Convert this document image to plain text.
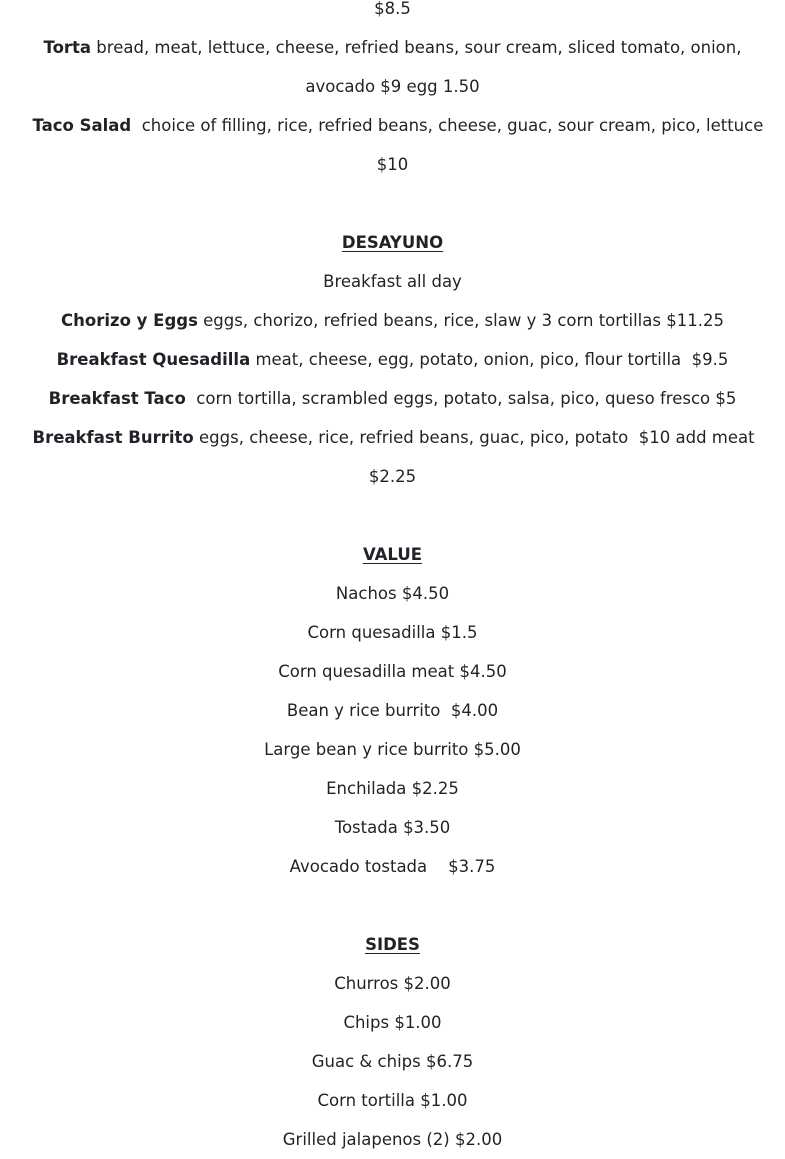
$8.5
Torta bread, meat, lettuce, cheese, refried beans, sour cream, sliced tomato, onion,
avocado $9 egg 1.50
Taco Salad  choice of filling, rice, refried beans, cheese, guac, sour cream, pico, lettuce
$10
DESAYUNO
Breakfast all day
Chorizo y Eggs eggs, chorizo, refried beans, rice, slaw y 3 corn tortillas $11.25
Breakfast Quesadilla meat, cheese, egg, potato, onion, pico, flour tortilla  $9.5
Breakfast Taco  corn tortilla, scrambled eggs, potato, salsa, pico, queso fresco $5
Breakfast Burrito eggs, cheese, rice, refried beans, guac, pico, potato  $10 add meat
$2.25
VALUE
Nachos $4.50
Corn quesadilla $1.5
Corn quesadilla meat $4.50
Bean y rice burrito  $4.00
Large bean y rice burrito $5.00
Enchilada $2.25
Tostada $3.50
Avocado tostada    $3.75
SIDES
Churros $2.00
Chips $1.00
Guac & chips $6.75
Corn tortilla $1.00
Grilled jalapenos (2) $2.00
